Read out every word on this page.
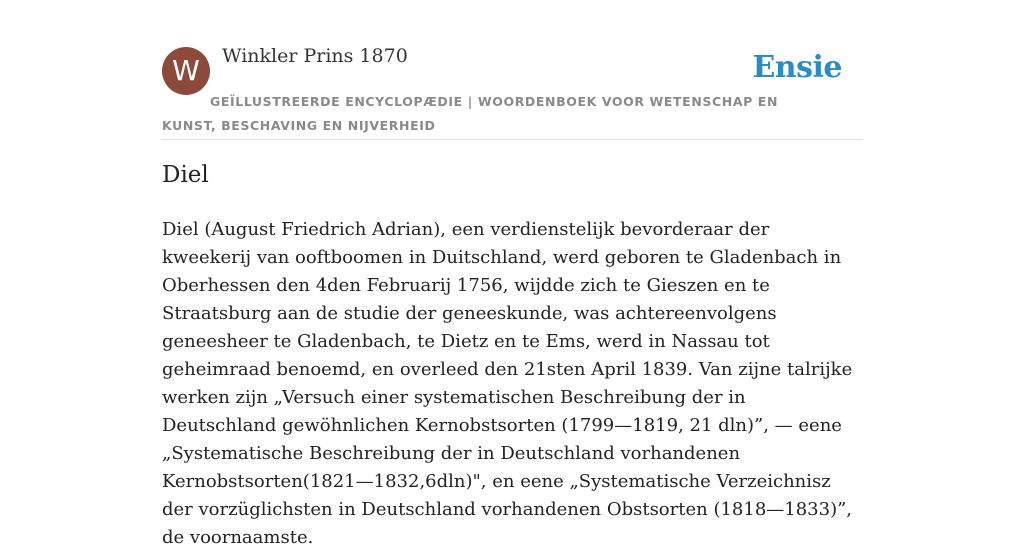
W	Winkler Prins 1870	Ensie
GEÏLLUSTREERDE ENCYCLOPÆDIE | WOORDENBOEK VOOR WETENSCHAP EN KUNST, BESCHAVING EN NIJVERHEID
Diel

Diel (August Friedrich Adrian), een verdienstelijk bevorderaar der kweekerij van ooftboomen in Duitschland, werd geboren te Gladenbach in Oberhessen den 4den Februarij 1756, wijdde zich te Gieszen en te Straatsburg aan de studie der geneeskunde, was achtereenvolgens geneesheer te Gladenbach, te Dietz en te Ems, werd in Nassau tot geheimraad benoemd, en overleed den 21sten April 1839. Van zijne talrijke werken zijn „Versuch einer systematischen Beschreibung der in Deutschland gewöhnlichen Kernobstsorten (1799—1819, 21 dln)”, — eene „Systematische Beschreibung der in Deutschland vorhandenen Kernobstsorten(1821—1832,6dln)", en eene „Systematische Verzeichnisz der vorzüglichsten in Deutschland vorhandenen Obstsorten (1818—1833)”, de voornaamste.
